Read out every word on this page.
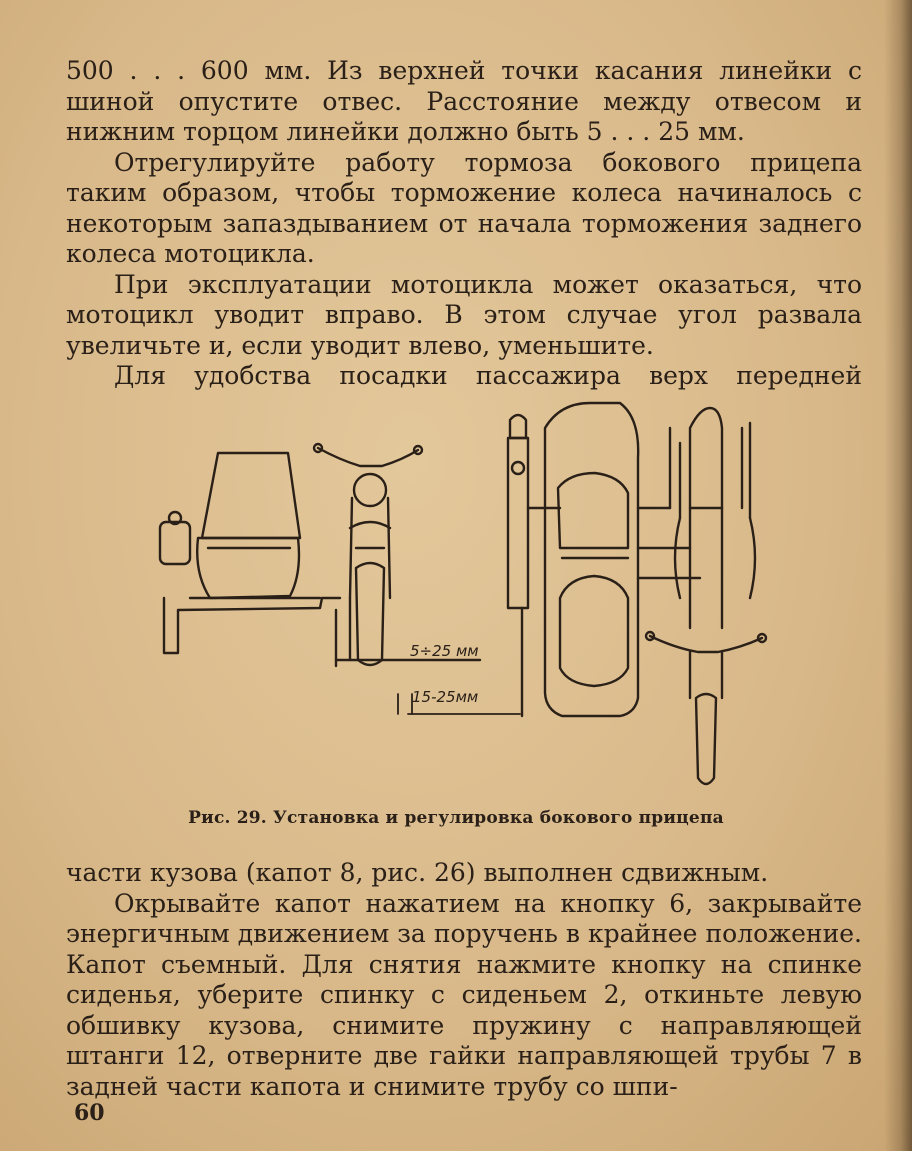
500 . . . 600 мм. Из верхней точки касания линейки с шиной опустите отвес. Расстояние между отвесом и нижним торцом линейки должно быть 5 . . . 25 мм.

Отрегулируйте работу тормоза бокового прицепа таким образом, чтобы торможение колеса начиналось с некоторым запаздыванием от начала торможения заднего колеса мотоцикла.

При эксплуатации мотоцикла может оказаться, что мотоцикл уводит вправо. В этом случае угол развала увеличьте и, если уводит влево, уменьшите.

Для удобства посадки пассажира верх передней

5÷25 мм
15-25мм
Рис. 29. Установка и регулировка бокового прицепа

части кузова (капот 8, рис. 26) выполнен сдвижным.

Окрывайте капот нажатием на кнопку 6, закрывайте энергичным движением за поручень в крайнее положение. Капот съемный. Для снятия нажмите кнопку на спинке сиденья, уберите спинку с сиденьем 2, откиньте левую обшивку кузова, снимите пружину с направляющей штанги 12, отверните две гайки направляющей трубы 7 в задней части капота и снимите трубу со шпи-

60
